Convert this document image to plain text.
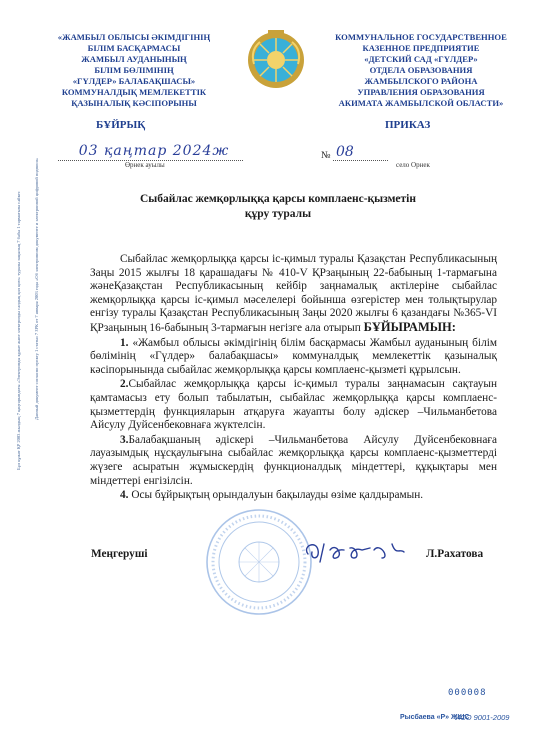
«ЖАМБЫЛ ОБЛЫСЫ ӘКІМДІГІНІҢ
БІЛІМ БАСҚАРМАСЫ
ЖАМБЫЛ АУДАНЫНЫҢ
БІЛІМ БӨЛІМІНІҢ
«ГҮЛДЕР» БАЛАБАҚШАСЫ»
КОММУНАЛДЫҚ МЕМЛЕКЕТТІК
ҚАЗЫНАЛЫҚ КӘСІПОРЫНЫ
КОММУНАЛЬНОЕ ГОСУДАРСТВЕННОЕ
КАЗЕННОЕ ПРЕДПРИЯТИЕ
«ДЕТСКИЙ САД «ГҮЛДЕР»
ОТДЕЛА ОБРАЗОВАНИЯ
ЖАМБЫЛСКОГО РАЙОНА
УПРАВЛЕНИЯ ОБРАЗОВАНИЯ
АКИМАТА ЖАМБЫЛСКОЙ ОБЛАСТИ»
БҰЙРЫҚ	ПРИКАЗ
03 қаңтар 2024ж
Өрнек ауылы
№ 08
село Орнек
Сыбайлас жемқорлыққа қарсы комплаенс-қызметін
құру туралы

Сыбайлас жемқорлыққа қарсы іс-қимыл туралы Қазақстан Республикасының Заңы 2015 жылғы 18 қарашадағы № 410-V ҚРзаңының 22-бабының 1-тармағына жәнеҚазақстан Республикасының кейбір заңнамалық актілеріне сыбайлас жемқорлыққа қарсы іс-қимыл мәселелері бойынша өзгерістер мен толықтырулар енгізу туралы Қазақстан Республикасының Заңы 2020 жылғы 6 қазандағы №365-VI ҚРзаңының 16-бабының 3-тармағын негізге ала отырып БҰЙЫРАМЫН:

1. «Жамбыл облысы әкімдігінің білім басқармасы Жамбыл ауданының білім бөлімінің «Гүлдер» балабақшасы» коммуналдық мемлекеттік қазыналық кәсіпорынында сыбайлас жемқорлыққа қарсы комплаенс-қызметі құрылсын.

2.Сыбайлас жемқорлыққа қарсы іс-қимыл туралы заңнамасын сақтауын қамтамасыз ету болып табылатын, сыбайлас жемқорлыққа қарсы комплаенс-қызметтердің функцияларын атқаруға жауапты болу әдіскер –Чильманбетова Айсулу Дуйсенбековнаға жүктелсін.

3.Балабақшаның әдіскері –Чильманбетова Айсулу Дуйсенбековнаға лауазымдық нұсқаулығына сыбайлас жемқорлыққа қарсы комплаенс-қызметтерді жүзеге асыратын жұмыскердің функционалдық міндеттері, құқықтары мен міндеттері енгізілсін.

4. Осы бұйрықтың орындалуын бақылауды өзіме қалдырамын.

Меңгеруші	Л.Рахатова
Бұл құжат ҚР 2003 жылдың 7 қаңтарындағы «Электронды құжат және электронды сандық қол қою» туралы заңының 7 бабы 1 тармағына сәйкес	Данный документ согласно пункту 1 статьи 7 ЗРК от 7 января 2003 года «Об электронном документе и электронной цифровой подписи»
000008
Рысбаева «Р» ЖШС
ИСО 9001-2009
